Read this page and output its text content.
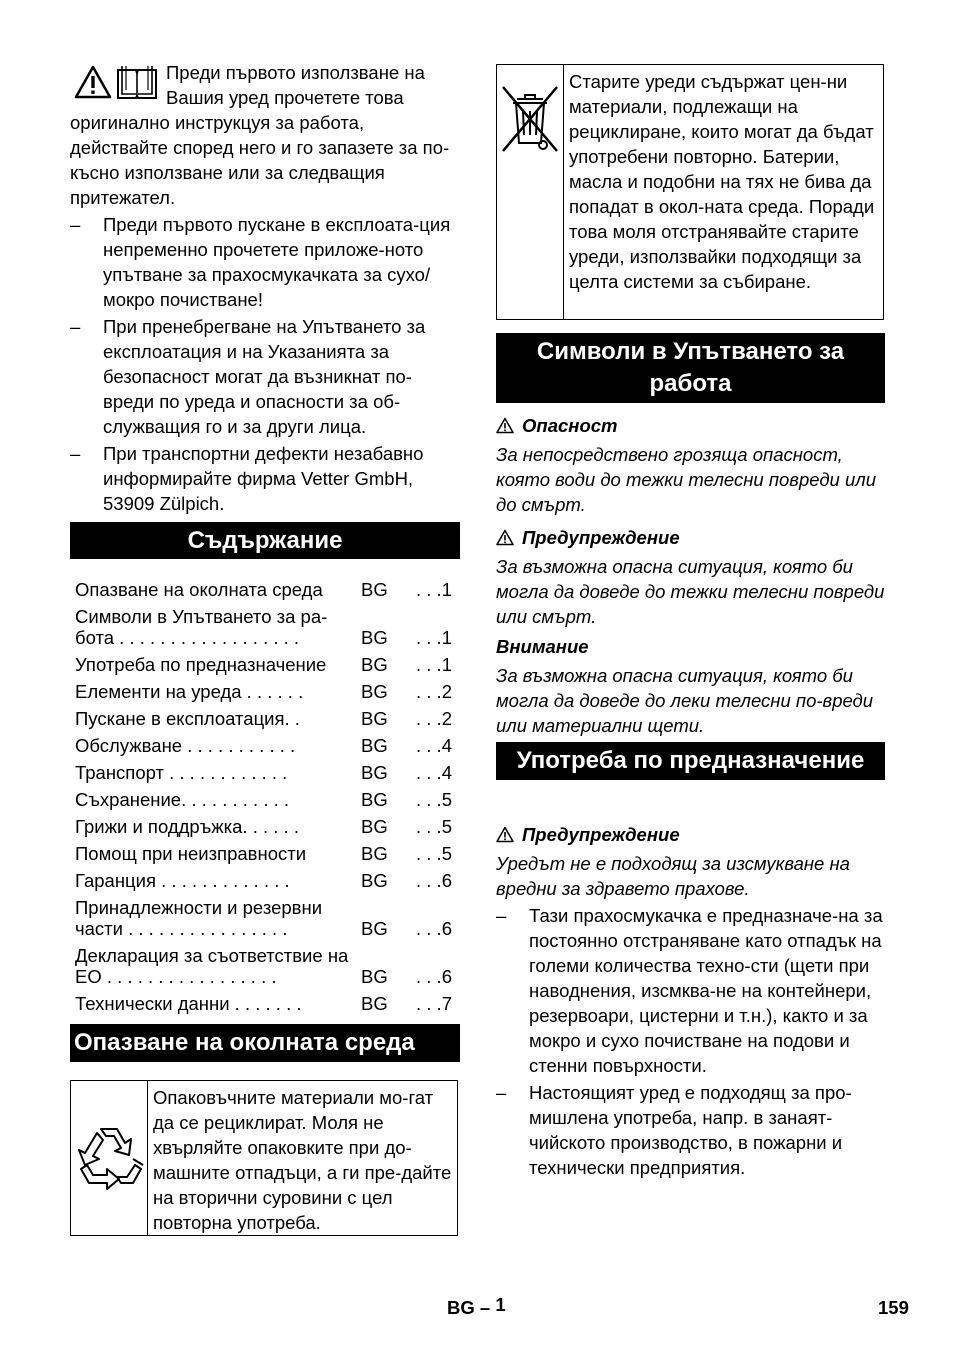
Преди първото използване на Вашия уред прочетете това оригинално инструкцуя за работа, действайте според него и го запазете за по-късно използване или за следващия притежател.

– Преди първото пускане в експлоата-ция непременно прочетете приложе-ното упътване за прахосмукачката за сухо/мокро почистване!
– При пренебрегване на Упътването за експлоатация и на Указанията за безопасност могат да възникнат по-вреди по уреда и опасности за об-служващия го и за други лица.
– При транспортни дефекти незабавно информирайте фирма Vetter GmbH, 53909 Zülpich.
Съдържание
Опазване на околната среда	BG	. . .1
Символи в Упътването за ра-бота . . . . . . . . . . . . . . . . . .	BG	. . .1
Употреба по предназначение	BG	. . .1
Елементи на уреда . . . . . .	BG	. . .2
Пускане в експлоатация. .	BG	. . .2
Обслужване . . . . . . . . . . .	BG	. . .4
Транспорт . . . . . . . . . . . .	BG	. . .4
Съхранение. . . . . . . . . . .	BG	. . .5
Грижи и поддръжка. . . . . .	BG	. . .5
Помощ при неизправности	BG	. . .5
Гаранция . . . . . . . . . . . . .	BG	. . .6
Принадлежности и резервни части . . . . . . . . . . . . . . . .	BG	. . .6
Декларация за съответствие на ЕО . . . . . . . . . . . . . . . . .	BG	. . .6
Технически данни . . . . . . .	BG	. . .7
Опазване на околната среда
Опаковъчните материали мо-гат да се рециклират. Моля не хвърляйте опаковките при до-машните отпадъци, а ги пре-дайте на вторични суровини с цел повторна употреба.
Старите уреди съдържат цен-ни материали, подлежащи на рециклиране, които могат да бъдат употребени повторно. Батерии, масла и подобни на тях не бива да попадат в окол-ната среда. Поради това моля отстранявайте старите уреди, използвайки подходящи за целта системи за събиране.
Символи в Упътването за работа
Опасност

За непосредствено грозяща опасност, която води до тежки телесни повреди или до смърт.

Предупреждение

За възможна опасна ситуация, която би могла да доведе до тежки телесни повреди или смърт.

Внимание

За възможна опасна ситуация, която би могла да доведе до леки телесни по-вреди или материални щети.

Употреба по предназначение
Предупреждение

Уредът не е подходящ за изсмукване на вредни за здравето прахове.

– Тази прахосмукачка е предназначе-на за постоянно отстраняване като отпадък на големи количества техно-сти (щети при наводнения, изсмква-не на контейнери, резервоари, цистерни и т.н.), както и за мокро и сухо почистване на подови и стенни повърхности.
– Настоящият уред е подходящ за про-мишлена употреба, напр. в занаят-чийското производство, в пожарни и технически предприятия.
BG – 1	159
